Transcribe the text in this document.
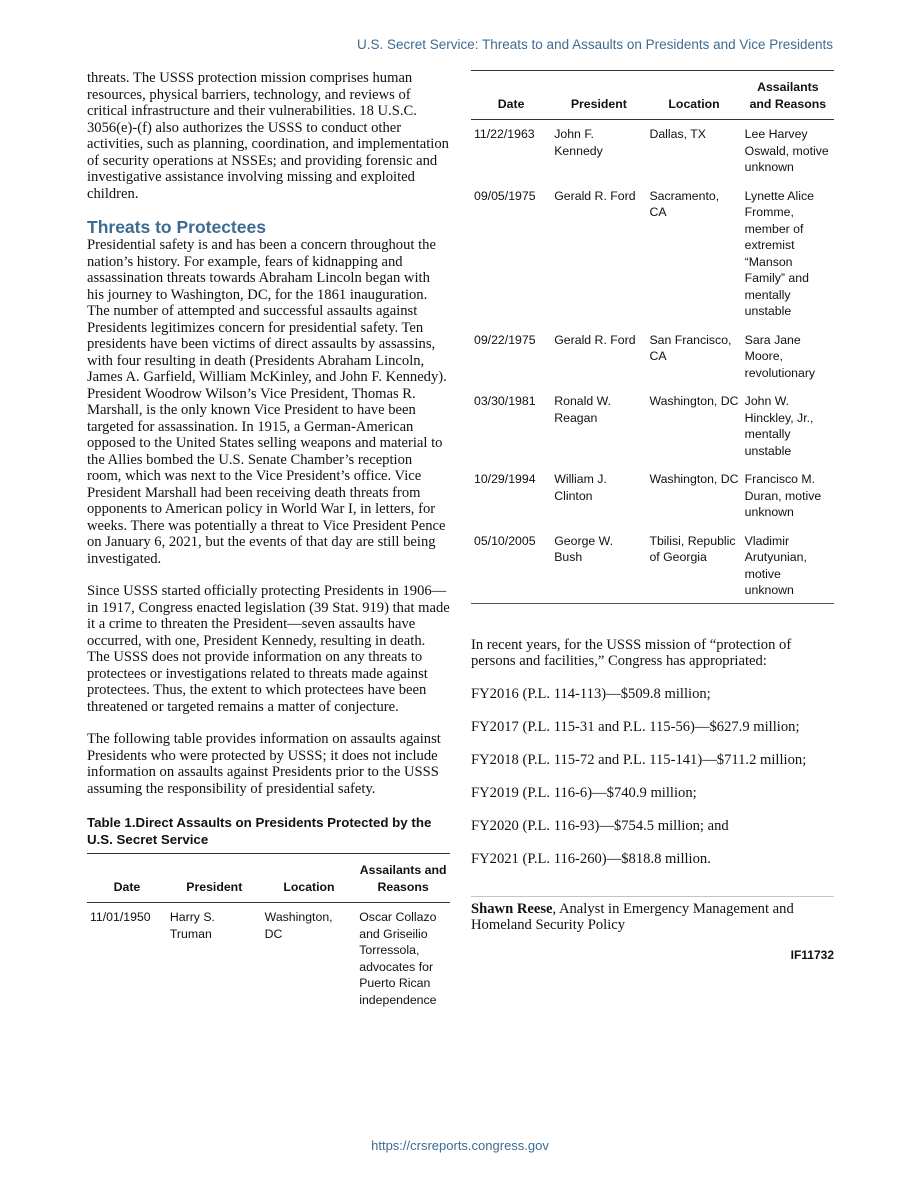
U.S. Secret Service: Threats to and Assaults on Presidents and Vice Presidents

threats. The USSS protection mission comprises human resources, physical barriers, technology, and reviews of critical infrastructure and their vulnerabilities. 18 U.S.C. 3056(e)-(f) also authorizes the USSS to conduct other activities, such as planning, coordination, and implementation of security operations at NSSEs; and providing forensic and investigative assistance involving missing and exploited children.

Threats to Protectees

Presidential safety is and has been a concern throughout the nation’s history. For example, fears of kidnapping and assassination threats towards Abraham Lincoln began with his journey to Washington, DC, for the 1861 inauguration. The number of attempted and successful assaults against Presidents legitimizes concern for presidential safety. Ten presidents have been victims of direct assaults by assassins, with four resulting in death (Presidents Abraham Lincoln, James A. Garfield, William McKinley, and John F. Kennedy). President Woodrow Wilson’s Vice President, Thomas R. Marshall, is the only known Vice President to have been targeted for assassination. In 1915, a German-American opposed to the United States selling weapons and material to the Allies bombed the U.S. Senate Chamber’s reception room, which was next to the Vice President’s office. Vice President Marshall had been receiving death threats from opponents to American policy in World War I, in letters, for weeks. There was potentially a threat to Vice President Pence on January 6, 2021, but the events of that day are still being investigated.

Since USSS started officially protecting Presidents in 1906—in 1917, Congress enacted legislation (39 Stat. 919) that made it a crime to threaten the President—seven assaults have occurred, with one, President Kennedy, resulting in death. The USSS does not provide information on any threats to protectees or investigations related to threats made against protectees. Thus, the extent to which protectees have been threatened or targeted remains a matter of conjecture.

The following table provides information on assaults against Presidents who were protected by USSS; it does not include information on assaults against Presidents prior to the USSS assuming the responsibility of presidential safety.

Table 1.Direct Assaults on Presidents Protected by the U.S. Secret Service
Date	President	Location	Assailants and Reasons
11/01/1950	Harry S. Truman	Washington, DC	Oscar Collazo and Griseilio Torressola, advocates for Puerto Rican independence
Date	President	Location	Assailants and Reasons
11/22/1963	John F. Kennedy	Dallas, TX	Lee Harvey Oswald, motive unknown
09/05/1975	Gerald R. Ford	Sacramento, CA	Lynette Alice Fromme, member of extremist “Manson Family” and mentally unstable
09/22/1975	Gerald R. Ford	San Francisco, CA	Sara Jane Moore, revolutionary
03/30/1981	Ronald W. Reagan	Washington, DC	John W. Hinckley, Jr., mentally unstable
10/29/1994	William J. Clinton	Washington, DC	Francisco M. Duran, motive unknown
05/10/2005	George W. Bush	Tbilisi, Republic of Georgia	Vladimir Arutyunian, motive unknown

In recent years, for the USSS mission of “protection of persons and facilities,” Congress has appropriated:

FY2016 (P.L. 114-113)—$509.8 million;

FY2017 (P.L. 115-31 and P.L. 115-56)—$627.9 million;

FY2018 (P.L. 115-72 and P.L. 115-141)—$711.2 million;

FY2019 (P.L. 116-6)—$740.9 million;

FY2020 (P.L. 116-93)—$754.5 million; and

FY2021 (P.L. 116-260)—$818.8 million.

Shawn Reese, Analyst in Emergency Management and Homeland Security Policy

IF11732
https://crsreports.congress.gov
